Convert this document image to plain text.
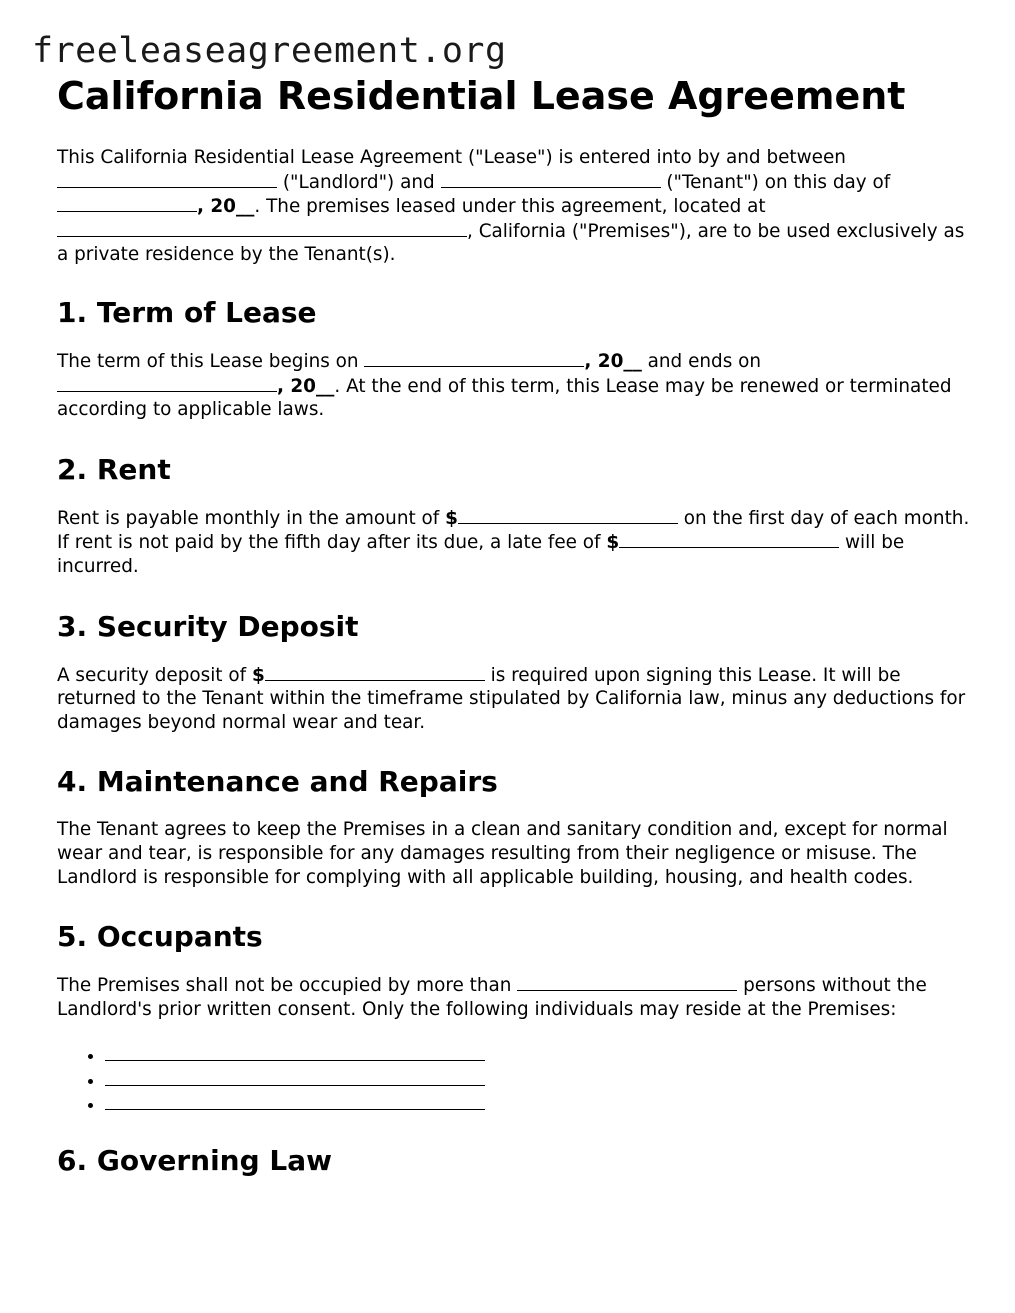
freeleaseagreement.org
California Residential Lease Agreement

This California Residential Lease Agreement ("Lease") is entered into by and between
("Landlord") and	("Tenant") on this day of
, 20__. The premises leased under this agreement, located at
, California ("Premises"), are to be used exclusively as a private residence by the Tenant(s).

1. Term of Lease

The term of this Lease begins on	, 20__ and ends on
, 20__. At the end of this term, this Lease may be renewed or terminated according to applicable laws.

2. Rent

Rent is payable monthly in the amount of $	on the first day of each month. If rent is not paid by the fifth day after its due, a late fee of $	will be incurred.

3. Security Deposit

A security deposit of $	is required upon signing this Lease. It will be returned to the Tenant within the timeframe stipulated by California law, minus any deductions for damages beyond normal wear and tear.

4. Maintenance and Repairs

The Tenant agrees to keep the Premises in a clean and sanitary condition and, except for normal wear and tear, is responsible for any damages resulting from their negligence or misuse. The Landlord is responsible for complying with all applicable building, housing, and health codes.

5. Occupants

The Premises shall not be occupied by more than	persons without the Landlord's prior written consent. Only the following individuals may reside at the Premises:

•
•
•
6. Governing Law
